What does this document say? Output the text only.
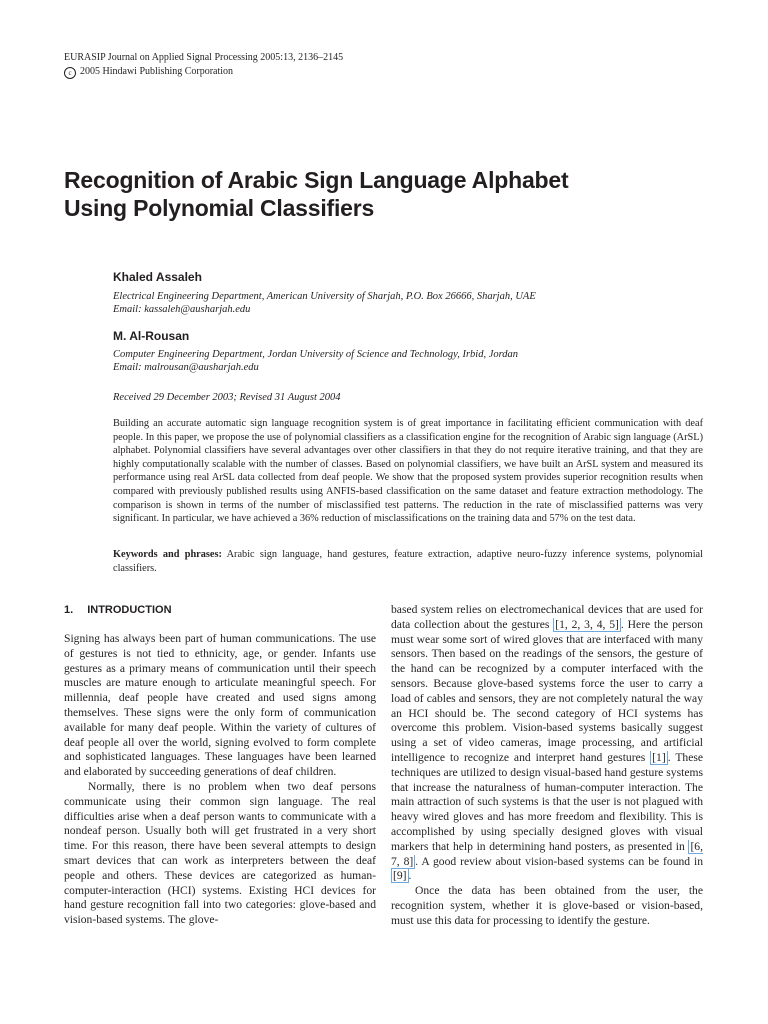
EURASIP Journal on Applied Signal Processing 2005:13, 2136–2145
c 2005 Hindawi Publishing Corporation
Recognition of Arabic Sign Language Alphabet
Using Polynomial Classifiers
Khaled Assaleh
Electrical Engineering Department, American University of Sharjah, P.O. Box 26666, Sharjah, UAE
Email: kassaleh@ausharjah.edu
M. Al-Rousan
Computer Engineering Department, Jordan University of Science and Technology, Irbid, Jordan
Email: malrousan@ausharjah.edu
Received 29 December 2003; Revised 31 August 2004

Building an accurate automatic sign language recognition system is of great importance in facilitating efficient communication with deaf people. In this paper, we propose the use of polynomial classifiers as a classification engine for the recognition of Arabic sign language (ArSL) alphabet. Polynomial classifiers have several advantages over other classifiers in that they do not require iterative training, and that they are highly computationally scalable with the number of classes. Based on polynomial classifiers, we have built an ArSL system and measured its performance using real ArSL data collected from deaf people. We show that the proposed system provides superior recognition results when compared with previously published results using ANFIS-based classification on the same dataset and feature extraction methodology. The comparison is shown in terms of the number of misclassified test patterns. The reduction in the rate of misclassified patterns was very significant. In particular, we have achieved a 36% reduction of misclassifications on the training data and 57% on the test data.

Keywords and phrases: Arabic sign language, hand gestures, feature extraction, adaptive neuro-fuzzy inference systems, polynomial classifiers.

1. INTRODUCTION

Signing has always been part of human communications. The use of gestures is not tied to ethnicity, age, or gender. Infants use gestures as a primary means of communication until their speech muscles are mature enough to articulate meaningful speech. For millennia, deaf people have created and used signs among themselves. These signs were the only form of communication available for many deaf people. Within the variety of cultures of deaf people all over the world, signing evolved to form complete and sophisticated languages. These languages have been learned and elaborated by succeeding generations of deaf children.

Normally, there is no problem when two deaf persons communicate using their common sign language. The real difficulties arise when a deaf person wants to communicate with a nondeaf person. Usually both will get frustrated in a very short time. For this reason, there have been several attempts to design smart devices that can work as interpreters between the deaf people and others. These devices are categorized as human-computer-interaction (HCI) systems. Existing HCI devices for hand gesture recognition fall into two categories: glove-based and vision-based systems. The glove-

based system relies on electromechanical devices that are used for data collection about the gestures [1, 2, 3, 4, 5] . Here the person must wear some sort of wired gloves that are interfaced with many sensors. Then based on the readings of the sensors, the gesture of the hand can be recognized by a computer interfaced with the sensors. Because glove-based systems force the user to carry a load of cables and sensors, they are not completely natural the way an HCI should be. The second category of HCI systems has overcome this problem. Vision-based systems basically suggest using a set of video cameras, image processing, and artificial intelligence to recognize and interpret hand gestures [1] . These techniques are utilized to design visual-based hand gesture systems that increase the naturalness of human-computer interaction. The main attraction of such systems is that the user is not plagued with heavy wired gloves and has more freedom and flexibility. This is accomplished by using specially designed gloves with visual markers that help in determining hand posters, as presented in [6, 7, 8] . A good review about vision-based systems can be found in [9] .

Once the data has been obtained from the user, the recognition system, whether it is glove-based or vision-based, must use this data for processing to identify the gesture.
